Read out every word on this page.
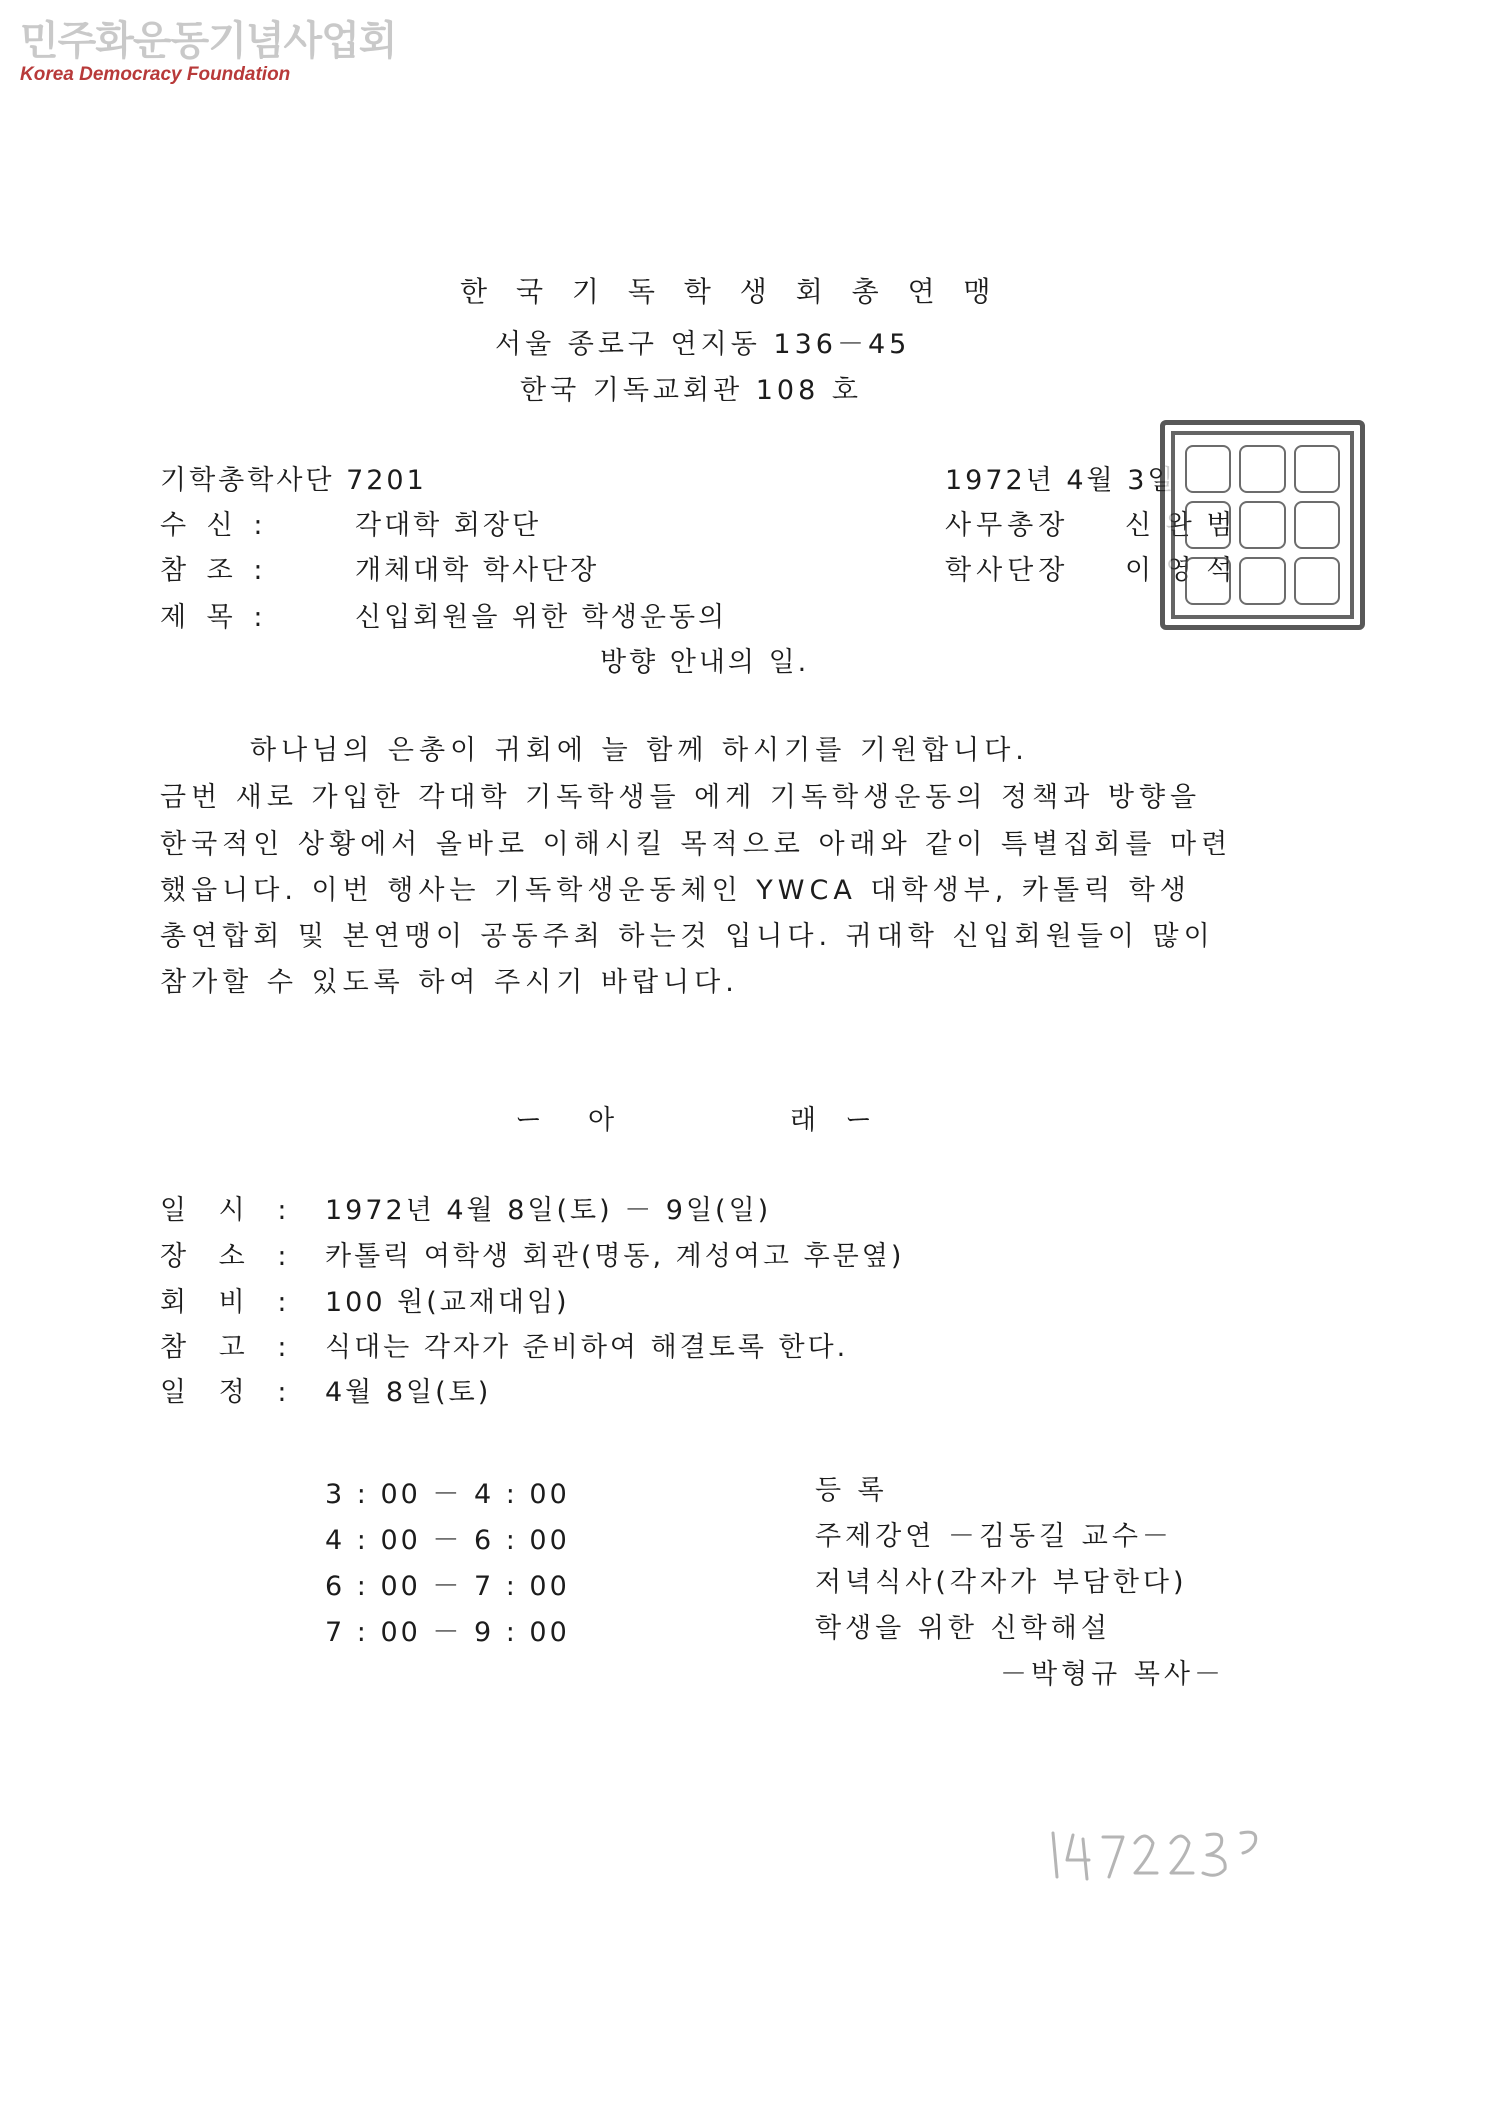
민주화운동기념사업회
Korea Democracy Foundation
한 국 기 독 학 생 회 총 연 맹
서울 종로구 연지동 136－45
한국 기독교회관 108 호
기학총학사단 7201
수 신 :	각대학 회장단
참 조 :	개체대학 학사단장
제 목 :	신입회원을 위한 학생운동의
방향 안내의 일.
1972년 4월 3일
사무총장 신 완 범
학사단장 이 영 석
하나님의 은총이 귀회에 늘 함께 하시기를 기원합니다.
금번 새로 가입한 각대학 기독학생들 에게 기독학생운동의 정책과 방향을
한국적인 상황에서 올바로 이해시킬 목적으로 아래와 같이 특별집회를 마련
했읍니다. 이번 행사는 기독학생운동체인 YWCA 대학생부, 카톨릭 학생
총연합회 및 본연맹이 공동주최 하는것 입니다. 귀대학 신입회원들이 많이
참가할 수 있도록 하여 주시기 바랍니다.
ー 아	래 ー
일 시 : 1972년 4월 8일(토) － 9일(일)
장 소 : 카톨릭 여학생 회관(명동, 계성여고 후문옆)
회 비 : 100 원(교재대임)
참 고 : 식대는 각자가 준비하여 해결토록 한다.
일 정 : 4월 8일(토)
3 : 00 － 4 : 00	등 록
4 : 00 － 6 : 00	주제강연 －김동길 교수－
6 : 00 － 7 : 00	저녁식사(각자가 부담한다)
7 : 00 － 9 : 00	학생을 위한 신학해설
－박형규 목사－
